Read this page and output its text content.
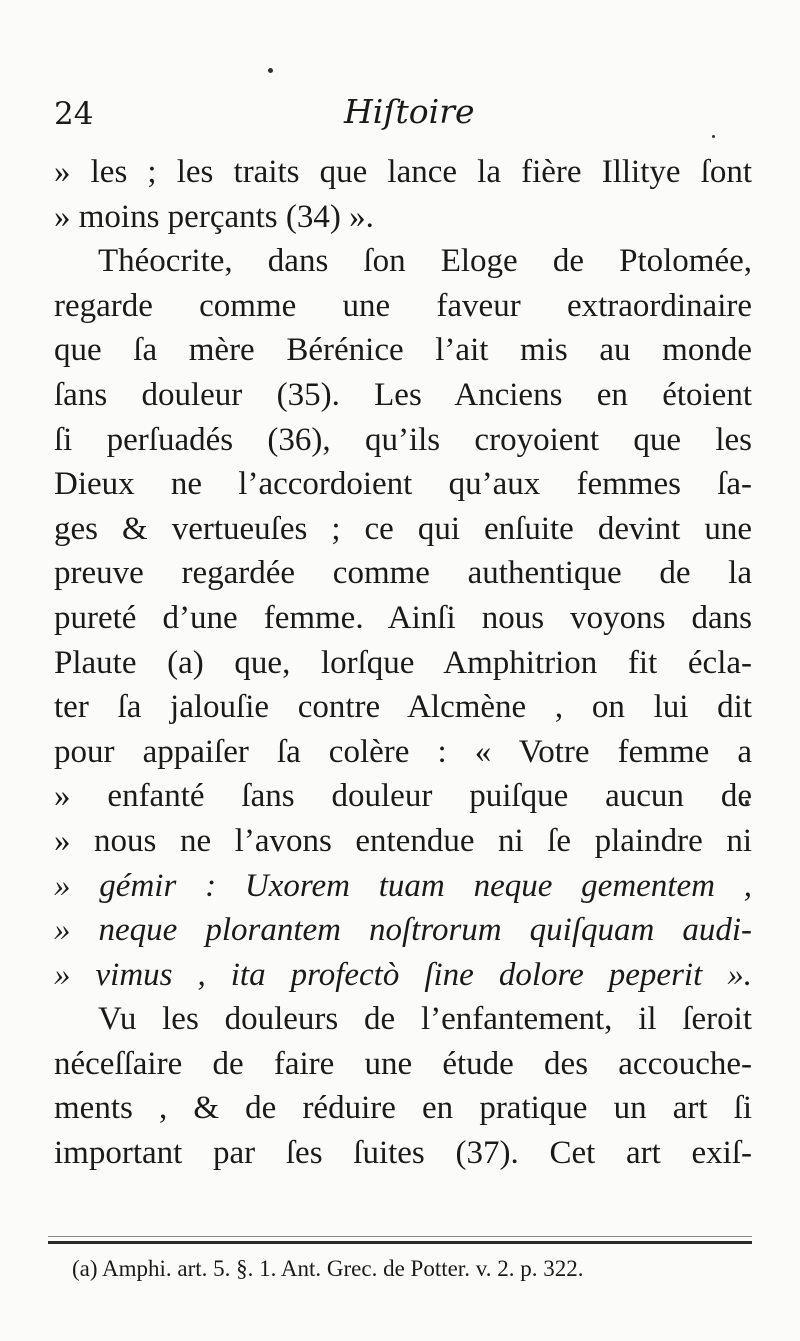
24	Hiſtoire
» les ; les traits que lance la fière Illitye ſont
» moins perçants (34) ».
Théocrite, dans ſon Eloge de Ptolomée,
regarde comme une faveur extraordinaire
que ſa mère Bérénice l’ait mis au monde
ſans douleur (35). Les Anciens en étoient
ſi perſuadés (36), qu’ils croyoient que les
Dieux ne l’accordoient qu’aux femmes ſa-
ges & vertueuſes ; ce qui enſuite devint une
preuve regardée comme authentique de la
pureté d’une femme. Ainſi nous voyons dans
Plaute (a) que, lorſque Amphitrion fit écla-
ter ſa jalouſie contre Alcmène , on lui dit
pour appaiſer ſa colère : « Votre femme a
» enfanté ſans douleur puiſque aucun de
» nous ne l’avons entendue ni ſe plaindre ni
» gémir : Uxorem tuam neque gementem ,
» neque plorantem noſtrorum quiſquam audi-
» vimus , ita profectò ſine dolore peperit ».
Vu les douleurs de l’enfantement, il ſeroit
néceſſaire de faire une étude des accouche-
ments , & de réduire en pratique un art ſi
important par ſes ſuites (37). Cet art exiſ-
(a) Amphi. art. 5. §. 1. Ant. Grec. de Potter. v. 2. p. 322.
